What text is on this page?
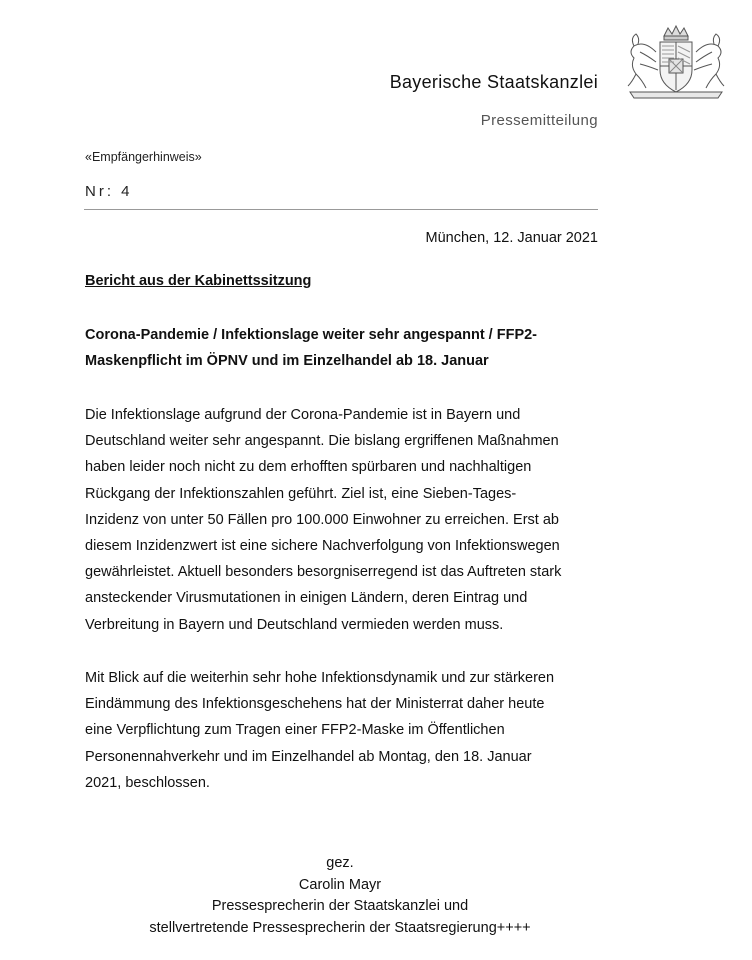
Bayerische Staatskanzlei
Pressemitteilung
«Empfängerhinweis»
Nr: 4
München, 12. Januar 2021
Bericht aus der Kabinettssitzung
Corona-Pandemie / Infektionslage weiter sehr angespannt / FFP2-
Maskenpflicht im ÖPNV und im Einzelhandel ab 18. Januar
Die Infektionslage aufgrund der Corona-Pandemie ist in Bayern und
Deutschland weiter sehr angespannt. Die bislang ergriffenen Maßnahmen
haben leider noch nicht zu dem erhofften spürbaren und nachhaltigen
Rückgang der Infektionszahlen geführt. Ziel ist, eine Sieben-Tages-
Inzidenz von unter 50 Fällen pro 100.000 Einwohner zu erreichen. Erst ab
diesem Inzidenzwert ist eine sichere Nachverfolgung von Infektionswegen
gewährleistet. Aktuell besonders besorgniserregend ist das Auftreten stark
ansteckender Virusmutationen in einigen Ländern, deren Eintrag und
Verbreitung in Bayern und Deutschland vermieden werden muss.
Mit Blick auf die weiterhin sehr hohe Infektionsdynamik und zur stärkeren
Eindämmung des Infektionsgeschehens hat der Ministerrat daher heute
eine Verpflichtung zum Tragen einer FFP2-Maske im Öffentlichen
Personennahverkehr und im Einzelhandel ab Montag, den 18. Januar
2021, beschlossen.
gez.
Carolin Mayr
Pressesprecherin der Staatskanzlei und
stellvertretende Pressesprecherin der Staatsregierung++++
